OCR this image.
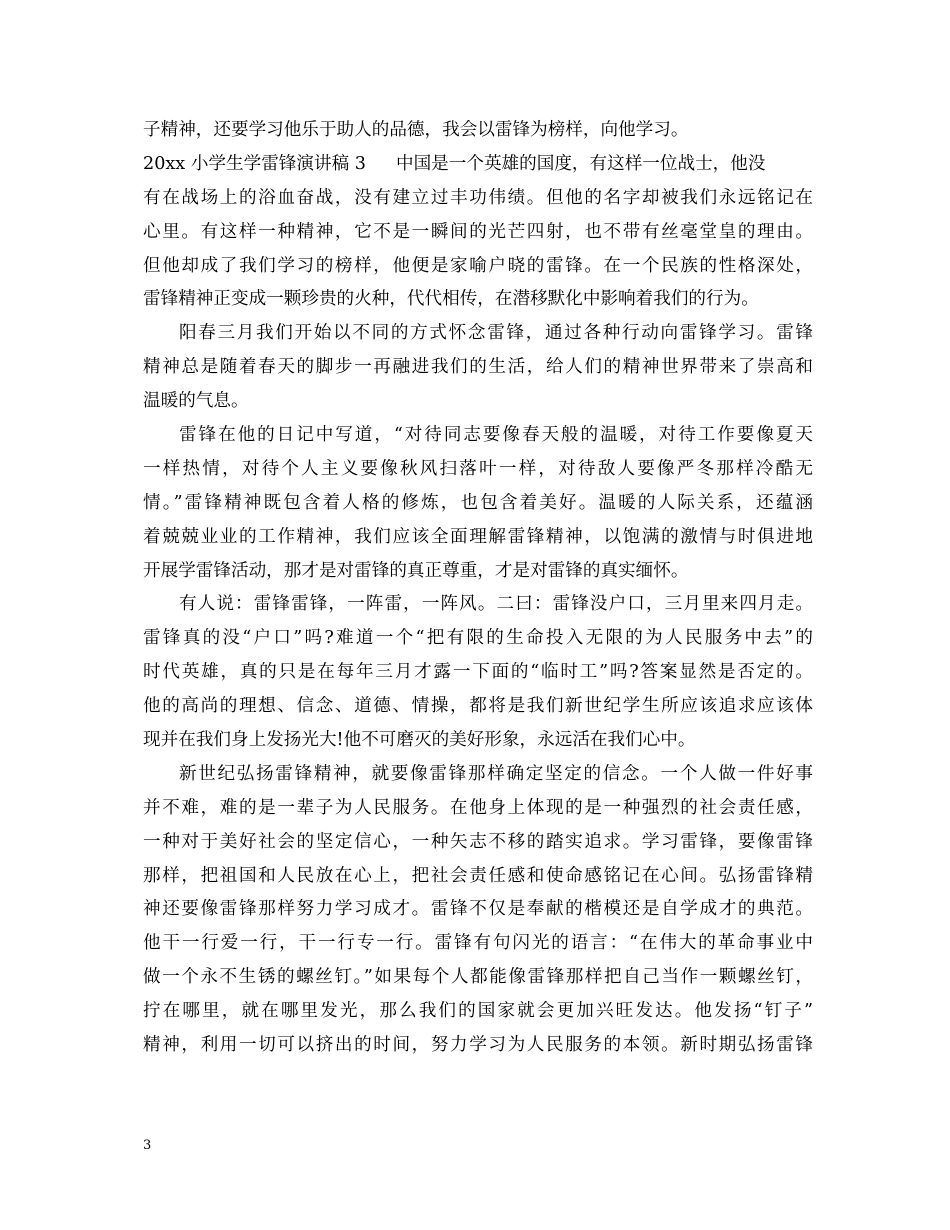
子精神，还要学习他乐于助人的品德，我会以雷锋为榜样，向他学习。
20xx 小学生学雷锋演讲稿 3 中国是一个英雄的国度，有这样一位战士，他没
有在战场上的浴血奋战，没有建立过丰功伟绩。但他的名字却被我们永远铭记在
心里。有这样一种精神，它不是一瞬间的光芒四射，也不带有丝毫堂皇的理由。
但他却成了我们学习的榜样，他便是家喻户晓的雷锋。在一个民族的性格深处，
雷锋精神正变成一颗珍贵的火种，代代相传，在潜移默化中影响着我们的行为。
阳春三月我们开始以不同的方式怀念雷锋，通过各种行动向雷锋学习。雷锋
精神总是随着春天的脚步一再融进我们的生活，给人们的精神世界带来了崇高和
温暖的气息。
雷锋在他的日记中写道，“对待同志要像春天般的温暖，对待工作要像夏天
一样热情，对待个人主义要像秋风扫落叶一样，对待敌人要像严冬那样冷酷无
情。”雷锋精神既包含着人格的修炼，也包含着美好。温暖的人际关系，还蕴涵
着兢兢业业的工作精神，我们应该全面理解雷锋精神，以饱满的激情与时俱进地
开展学雷锋活动，那才是对雷锋的真正尊重，才是对雷锋的真实缅怀。
有人说：雷锋雷锋，一阵雷，一阵风。二曰：雷锋没户口，三月里来四月走。
雷锋真的没“户口”吗?难道一个“把有限的生命投入无限的为人民服务中去”的
时代英雄，真的只是在每年三月才露一下面的“临时工”吗?答案显然是否定的。
他的高尚的理想、信念、道德、情操，都将是我们新世纪学生所应该追求应该体
现并在我们身上发扬光大!他不可磨灭的美好形象，永远活在我们心中。
新世纪弘扬雷锋精神，就要像雷锋那样确定坚定的信念。一个人做一件好事
并不难，难的是一辈子为人民服务。在他身上体现的是一种强烈的社会责任感，
一种对于美好社会的坚定信心，一种矢志不移的踏实追求。学习雷锋，要像雷锋
那样，把祖国和人民放在心上，把社会责任感和使命感铭记在心间。弘扬雷锋精
神还要像雷锋那样努力学习成才。雷锋不仅是奉献的楷模还是自学成才的典范。
他干一行爱一行，干一行专一行。雷锋有句闪光的语言：“在伟大的革命事业中
做一个永不生锈的螺丝钉。”如果每个人都能像雷锋那样把自己当作一颗螺丝钉，
拧在哪里，就在哪里发光，那么我们的国家就会更加兴旺发达。他发扬“钉子”
精神，利用一切可以挤出的时间，努力学习为人民服务的本领。新时期弘扬雷锋
3
